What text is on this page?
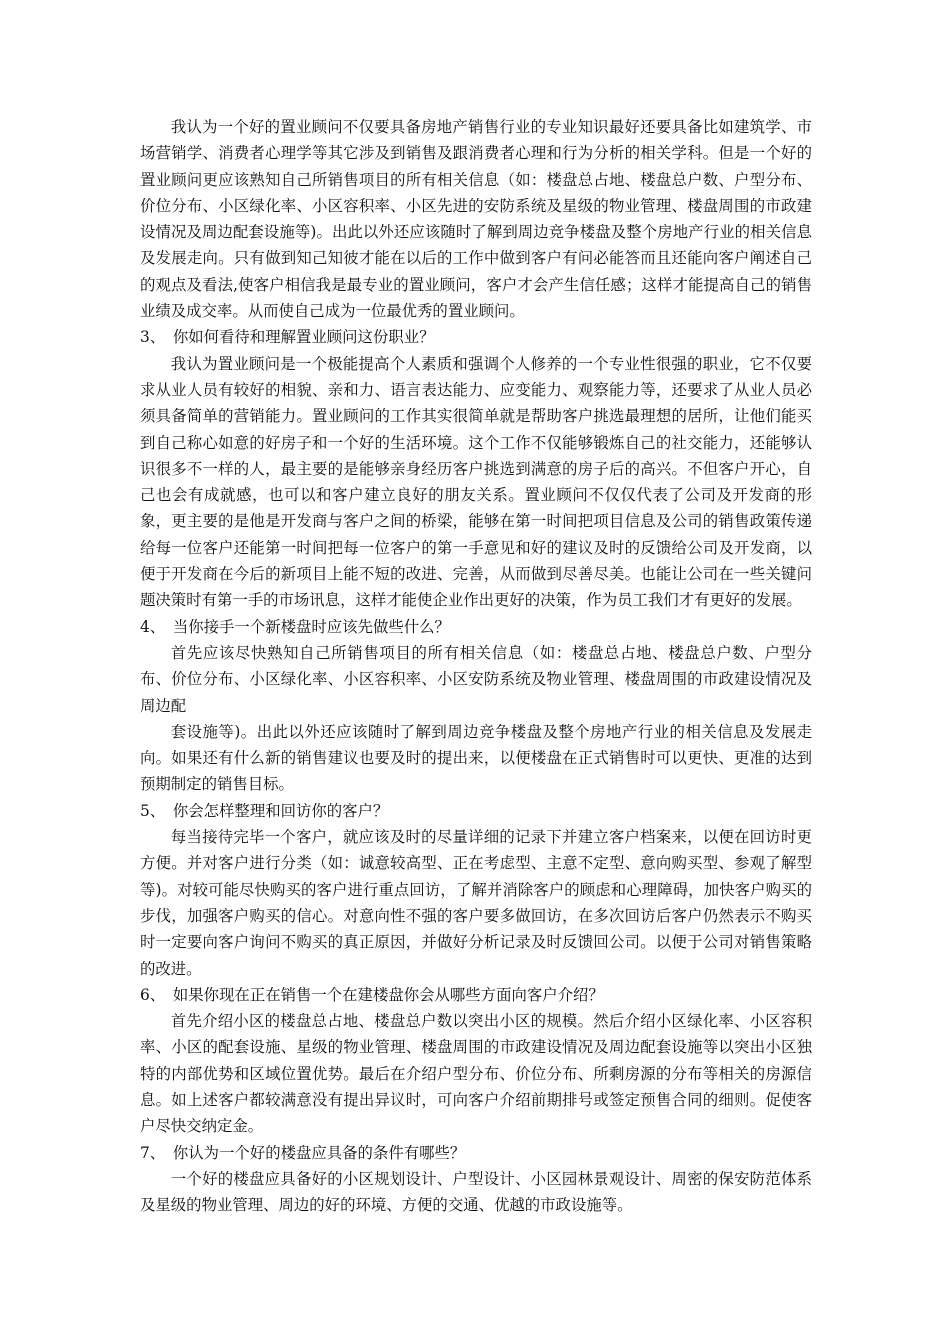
我认为一个好的置业顾问不仅要具备房地产销售行业的专业知识最好还要具备比如建筑学、市场营销学、消费者心理学等其它涉及到销售及跟消费者心理和行为分析的相关学科。但是一个好的置业顾问更应该熟知自己所销售项目的所有相关信息（如：楼盘总占地、楼盘总户数、户型分布、价位分布、小区绿化率、小区容积率、小区先进的安防系统及星级的物业管理、楼盘周围的市政建设情况及周边配套设施等)。出此以外还应该随时了解到周边竞争楼盘及整个房地产行业的相关信息及发展走向。只有做到知己知彼才能在以后的工作中做到客户有问必能答而且还能向客户阐述自己的观点及看法,使客户相信我是最专业的置业顾问，客户才会产生信任感；这样才能提高自己的销售业绩及成交率。从而使自己成为一位最优秀的置业顾问。

3、　你如何看待和理解置业顾问这份职业？

我认为置业顾问是一个极能提高个人素质和强调个人修养的一个专业性很强的职业，它不仅要求从业人员有较好的相貌、亲和力、语言表达能力、应变能力、观察能力等，还要求了从业人员必须具备简单的营销能力。置业顾问的工作其实很简单就是帮助客户挑选最理想的居所，让他们能买到自己称心如意的好房子和一个好的生活环境。这个工作不仅能够锻炼自己的社交能力，还能够认识很多不一样的人，最主要的是能够亲身经历客户挑选到满意的房子后的高兴。不但客户开心，自己也会有成就感，也可以和客户建立良好的朋友关系。置业顾问不仅仅代表了公司及开发商的形象，更主要的是他是开发商与客户之间的桥梁，能够在第一时间把项目信息及公司的销售政策传递给每一位客户还能第一时间把每一位客户的第一手意见和好的建议及时的反馈给公司及开发商，以便于开发商在今后的新项目上能不短的改进、完善，从而做到尽善尽美。也能让公司在一些关键问题决策时有第一手的市场讯息，这样才能使企业作出更好的决策，作为员工我们才有更好的发展。

4、　当你接手一个新楼盘时应该先做些什么？

首先应该尽快熟知自己所销售项目的所有相关信息（如：楼盘总占地、楼盘总户数、户型分布、价位分布、小区绿化率、小区容积率、小区安防系统及物业管理、楼盘周围的市政建设情况及周边配

套设施等)。出此以外还应该随时了解到周边竞争楼盘及整个房地产行业的相关信息及发展走向。如果还有什么新的销售建议也要及时的提出来，以便楼盘在正式销售时可以更快、更准的达到预期制定的销售目标。

5、　你会怎样整理和回访你的客户？

每当接待完毕一个客户，就应该及时的尽量详细的记录下并建立客户档案来，以便在回访时更方便。并对客户进行分类（如：诚意较高型、正在考虑型、主意不定型、意向购买型、参观了解型等)。对较可能尽快购买的客户进行重点回访，了解并消除客户的顾虑和心理障碍，加快客户购买的步伐，加强客户购买的信心。对意向性不强的客户要多做回访，在多次回访后客户仍然表示不购买时一定要向客户询问不购买的真正原因，并做好分析记录及时反馈回公司。以便于公司对销售策略的改进。

6、　如果你现在正在销售一个在建楼盘你会从哪些方面向客户介绍？

首先介绍小区的楼盘总占地、楼盘总户数以突出小区的规模。然后介绍小区绿化率、小区容积率、小区的配套设施、星级的物业管理、楼盘周围的市政建设情况及周边配套设施等以突出小区独特的内部优势和区域位置优势。最后在介绍户型分布、价位分布、所剩房源的分布等相关的房源信息。如上述客户都较满意没有提出异议时，可向客户介绍前期排号或签定预售合同的细则。促使客户尽快交纳定金。

7、　你认为一个好的楼盘应具备的条件有哪些？

一个好的楼盘应具备好的小区规划设计、户型设计、小区园林景观设计、周密的保安防范体系及星级的物业管理、周边的好的环境、方便的交通、优越的市政设施等。
